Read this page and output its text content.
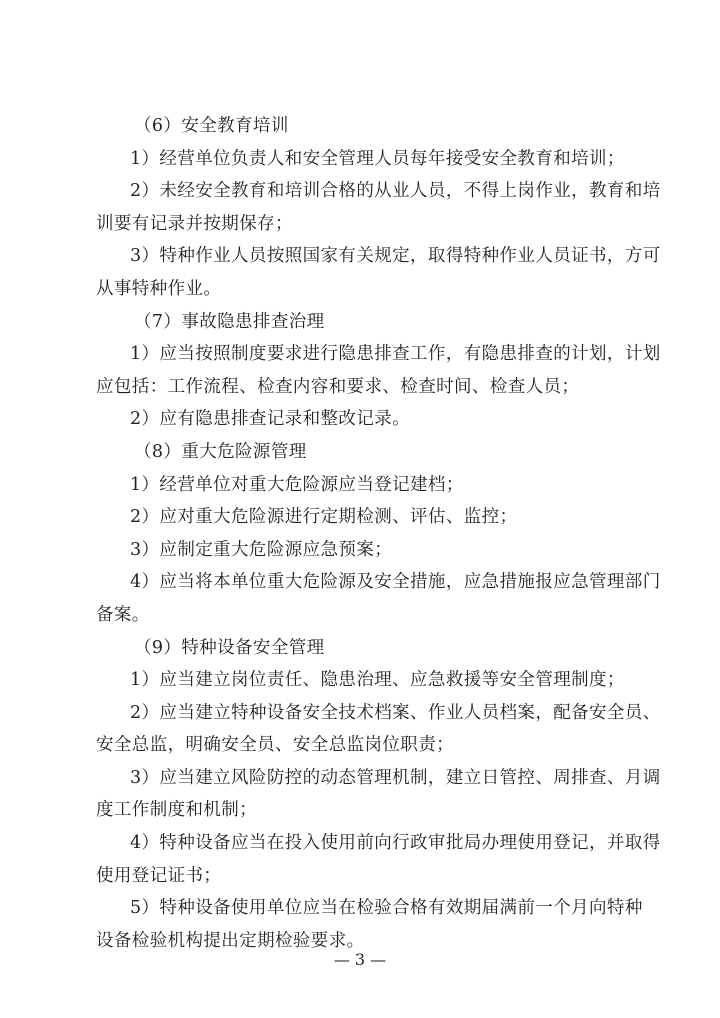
（6）安全教育培训
1）经营单位负责人和安全管理人员每年接受安全教育和培训；
2）未经安全教育和培训合格的从业人员，不得上岗作业，教育和培
训要有记录并按期保存；
3）特种作业人员按照国家有关规定，取得特种作业人员证书，方可
从事特种作业。
（7）事故隐患排查治理
1）应当按照制度要求进行隐患排查工作，有隐患排查的计划，计划
应包括：工作流程、检查内容和要求、检查时间、检查人员；
2）应有隐患排查记录和整改记录。
（8）重大危险源管理
1）经营单位对重大危险源应当登记建档；
2）应对重大危险源进行定期检测、评估、监控；
3）应制定重大危险源应急预案；
4）应当将本单位重大危险源及安全措施，应急措施报应急管理部门
备案。
（9）特种设备安全管理
1）应当建立岗位责任、隐患治理、应急救援等安全管理制度；
2）应当建立特种设备安全技术档案、作业人员档案，配备安全员、
安全总监，明确安全员、安全总监岗位职责；
3）应当建立风险防控的动态管理机制，建立日管控、周排查、月调
度工作制度和机制；
4）特种设备应当在投入使用前向行政审批局办理使用登记，并取得
使用登记证书；
5）特种设备使用单位应当在检验合格有效期届满前一个月向特种
设备检验机构提出定期检验要求。
— 3 —
